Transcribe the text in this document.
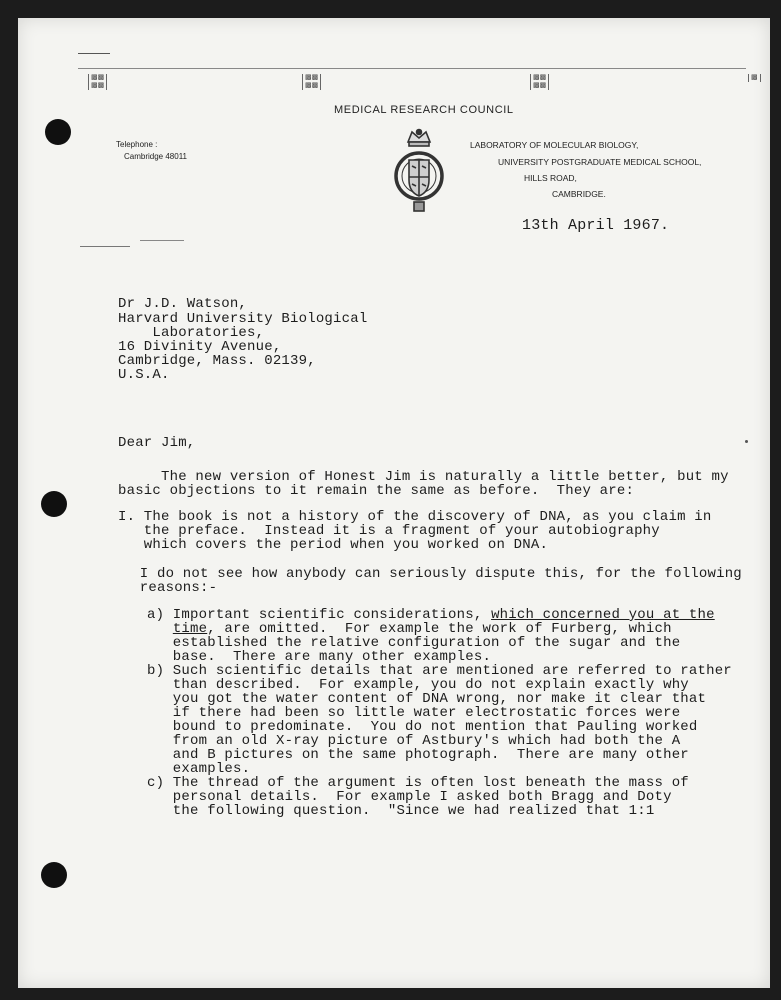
▩▩
▩▩
▩▩
▩▩
▩▩
▩▩
▩
MEDICAL RESEARCH COUNCIL
Telephone :
Cambridge 48011
LABORATORY OF MOLECULAR BIOLOGY,
UNIVERSITY POSTGRADUATE MEDICAL SCHOOL,
HILLS ROAD,
CAMBRIDGE.
13th April 1967.
Dr J.D. Watson,
Harvard University Biological
Laboratories,
16 Divinity Avenue,
Cambridge, Mass. 02139,
U.S.A.
Dear Jim,
The new version of Honest Jim is naturally a little better, but my
basic objections to it remain the same as before.  They are:
I. The book is not a history of the discovery of DNA, as you claim in
the preface.  Instead it is a fragment of your autobiography
which covers the period when you worked on DNA.
I do not see how anybody can seriously dispute this, for the following
reasons:-
a) Important scientific considerations, which concerned you at the
time, are omitted.  For example the work of Furberg, which
established the relative configuration of the sugar and the
base.  There are many other examples.
b) Such scientific details that are mentioned are referred to rather
than described.  For example, you do not explain exactly why
you got the water content of DNA wrong, nor make it clear that
if there had been so little water electrostatic forces were
bound to predominate.  You do not mention that Pauling worked
from an old X-ray picture of Astbury's which had both the A
and B pictures on the same photograph.  There are many other
examples.
c) The thread of the argument is often lost beneath the mass of
personal details.  For example I asked both Bragg and Doty
the following question.  "Since we had realized that 1:1
